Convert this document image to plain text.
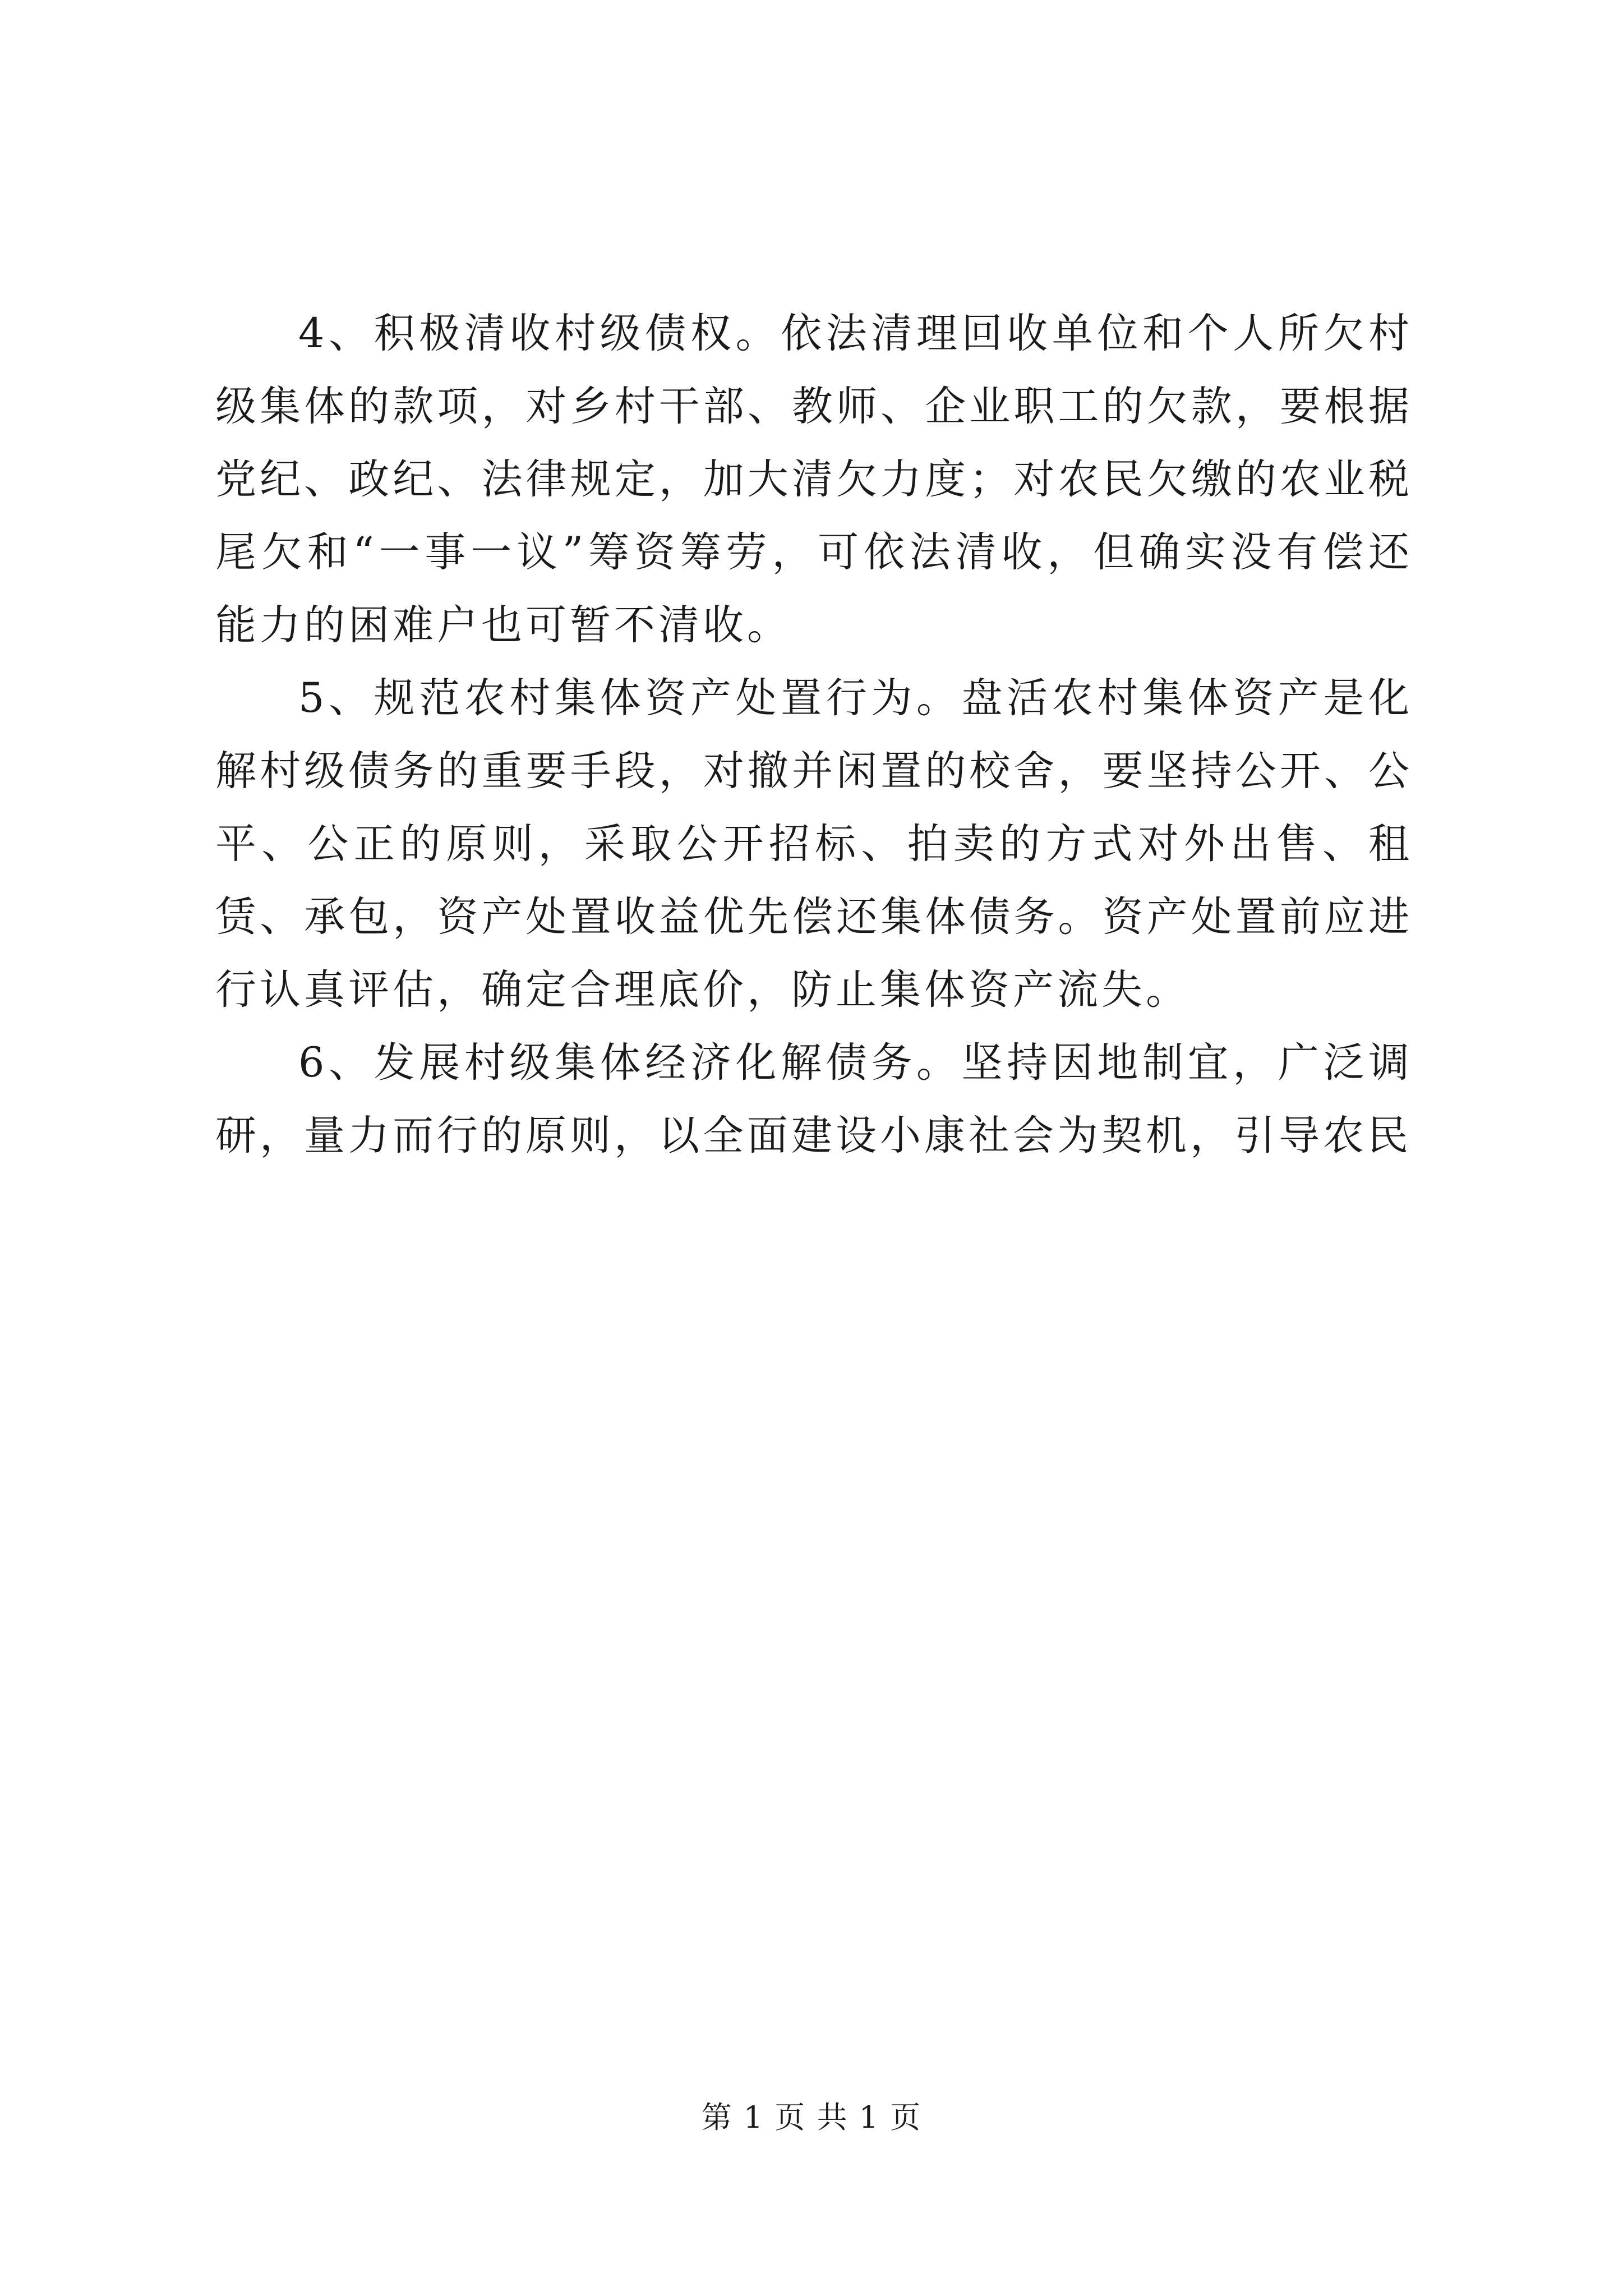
4、积极清收村级债权。依法清理回收单位和个人所欠村级集体的款项，对乡村干部、教师、企业职工的欠款，要根据党纪、政纪、法律规定，加大清欠力度；对农民欠缴的农业税尾欠和“一事一议”筹资筹劳，可依法清收，但确实没有偿还能力的困难户也可暂不清收。

5、规范农村集体资产处置行为。盘活农村集体资产是化解村级债务的重要手段，对撤并闲置的校舍，要坚持公开、公平、公正的原则，采取公开招标、拍卖的方式对外出售、租赁、承包，资产处置收益优先偿还集体债务。资产处置前应进行认真评估，确定合理底价，防止集体资产流失。

6、发展村级集体经济化解债务。坚持因地制宜，广泛调研，量力而行的原则，以全面建设小康社会为契机，引导农民

第 1 页 共 1 页
